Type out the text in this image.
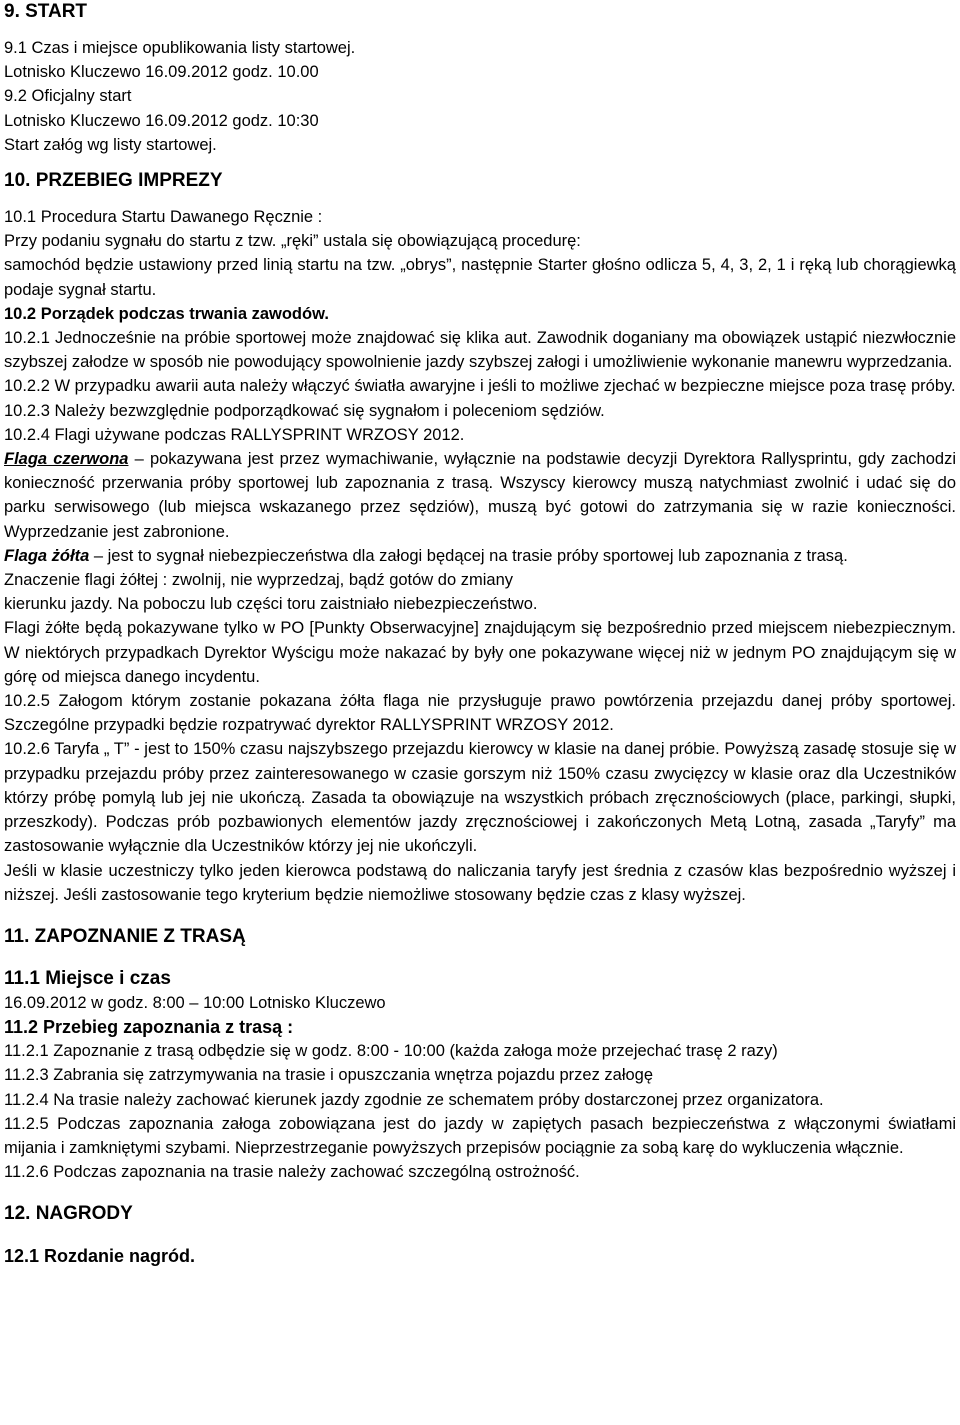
9. START

9.1 Czas i miejsce opublikowania listy startowej.

Lotnisko Kluczewo 16.09.2012 godz. 10.00

9.2 Oficjalny start

Lotnisko Kluczewo 16.09.2012 godz. 10:30

Start załóg wg listy startowej.

10. PRZEBIEG IMPREZY

10.1 Procedura Startu Dawanego Ręcznie :

Przy podaniu sygnału do startu z tzw. „ręki” ustala się obowiązującą procedurę:

samochód będzie ustawiony przed linią startu na tzw. „obrys”, następnie Starter głośno odlicza 5, 4, 3, 2, 1 i ręką lub chorągiewką podaje sygnał startu.

10.2 Porządek podczas trwania zawodów.

10.2.1 Jednocześnie na próbie sportowej może znajdować się klika aut. Zawodnik doganiany ma obowiązek ustąpić niezwłocznie szybszej załodze w sposób nie powodujący spowolnienie jazdy szybszej załogi i umożliwienie wykonanie manewru wyprzedzania.

10.2.2 W przypadku awarii auta należy włączyć światła awaryjne i jeśli to możliwe zjechać w bezpieczne miejsce poza trasę próby.

10.2.3 Należy bezwzględnie podporządkować się sygnałom i poleceniom sędziów.

10.2.4 Flagi używane podczas RALLYSPRINT WRZOSY 2012.

Flaga czerwona – pokazywana jest przez wymachiwanie, wyłącznie na podstawie decyzji Dyrektora Rallysprintu, gdy zachodzi konieczność przerwania próby sportowej lub zapoznania z trasą. Wszyscy kierowcy muszą natychmiast zwolnić i udać się do parku serwisowego (lub miejsca wskazanego przez sędziów), muszą być gotowi do zatrzymania się w razie konieczności. Wyprzedzanie jest zabronione.

Flaga żółta – jest to sygnał niebezpieczeństwa dla załogi będącej na trasie próby sportowej lub zapoznania z trasą.

Znaczenie flagi żółtej : zwolnij, nie wyprzedzaj, bądź gotów do zmiany

kierunku jazdy. Na poboczu lub części toru zaistniało niebezpieczeństwo.

Flagi żółte będą pokazywane tylko w PO [Punkty Obserwacyjne] znajdującym się bezpośrednio przed miejscem niebezpiecznym. W niektórych przypadkach Dyrektor Wyścigu może nakazać by były one pokazywane więcej niż w jednym PO znajdującym się w górę od miejsca danego incydentu.

10.2.5 Załogom którym zostanie pokazana żółta flaga nie przysługuje prawo powtórzenia przejazdu danej próby sportowej. Szczególne przypadki będzie rozpatrywać dyrektor RALLYSPRINT WRZOSY 2012.

10.2.6 Taryfa „ T” - jest to 150% czasu najszybszego przejazdu kierowcy w klasie na danej próbie. Powyższą zasadę stosuje się w przypadku przejazdu próby przez zainteresowanego w czasie gorszym niż 150% czasu zwycięzcy w klasie oraz dla Uczestników którzy próbę pomylą lub jej nie ukończą. Zasada ta obowiązuje na wszystkich próbach zręcznościowych (place, parkingi, słupki, przeszkody). Podczas prób pozbawionych elementów jazdy zręcznościowej i zakończonych Metą Lotną, zasada „Taryfy” ma zastosowanie wyłącznie dla Uczestników którzy jej nie ukończyli.

Jeśli w klasie uczestniczy tylko jeden kierowca podstawą do naliczania taryfy jest średnia z czasów klas bezpośrednio wyższej i niższej. Jeśli zastosowanie tego kryterium będzie niemożliwe stosowany będzie czas z klasy wyższej.

11. ZAPOZNANIE Z TRASĄ

11.1 Miejsce i czas

16.09.2012 w godz. 8:00 – 10:00 Lotnisko Kluczewo

11.2 Przebieg zapoznania z trasą :

11.2.1 Zapoznanie z trasą odbędzie się w godz. 8:00 - 10:00 (każda załoga może przejechać trasę 2 razy)

11.2.3 Zabrania się zatrzymywania na trasie i opuszczania wnętrza pojazdu przez załogę

11.2.4 Na trasie należy zachować kierunek jazdy zgodnie ze schematem próby dostarczonej przez organizatora.

11.2.5 Podczas zapoznania załoga zobowiązana jest do jazdy w zapiętych pasach bezpieczeństwa z włączonymi światłami mijania i zamkniętymi szybami. Nieprzestrzeganie powyższych przepisów pociągnie za sobą karę do wykluczenia włącznie.

11.2.6 Podczas zapoznania na trasie należy zachować szczególną ostrożność.

12. NAGRODY

12.1 Rozdanie nagród.
